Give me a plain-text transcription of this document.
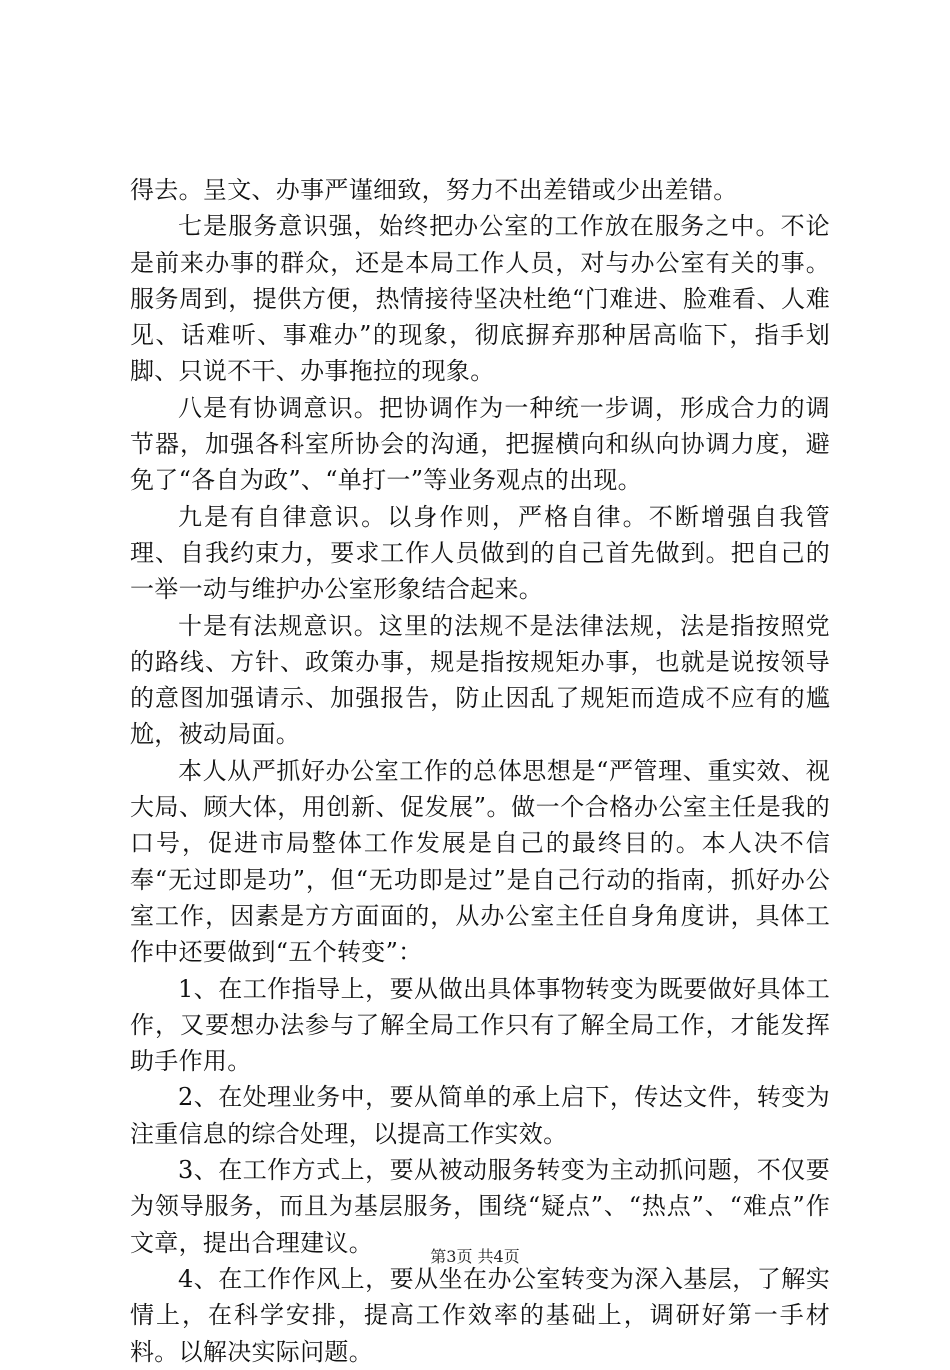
得去。呈文、办事严谨细致，努力不出差错或少出差错。

七是服务意识强，始终把办公室的工作放在服务之中。不论是前来办事的群众，还是本局工作人员，对与办公室有关的事。服务周到，提供方便，热情接待坚决杜绝“门难进、脸难看、人难见、话难听、事难办”的现象，彻底摒弃那种居高临下，指手划脚、只说不干、办事拖拉的现象。

八是有协调意识。把协调作为一种统一步调，形成合力的调节器，加强各科室所协会的沟通，把握横向和纵向协调力度，避免了“各自为政”、“单打一”等业务观点的出现。

九是有自律意识。以身作则，严格自律。不断增强自我管理、自我约束力，要求工作人员做到的自己首先做到。把自己的一举一动与维护办公室形象结合起来。

十是有法规意识。这里的法规不是法律法规，法是指按照党的路线、方针、政策办事，规是指按规矩办事，也就是说按领导的意图加强请示、加强报告，防止因乱了规矩而造成不应有的尴尬，被动局面。

本人从严抓好办公室工作的总体思想是“严管理、重实效、视大局、顾大体，用创新、促发展”。做一个合格办公室主任是我的口号，促进市局整体工作发展是自己的最终目的。本人决不信奉“无过即是功”，但“无功即是过”是自己行动的指南，抓好办公室工作，因素是方方面面的，从办公室主任自身角度讲，具体工作中还要做到“五个转变”：

1、在工作指导上，要从做出具体事物转变为既要做好具体工作，又要想办法参与了解全局工作只有了解全局工作，才能发挥助手作用。

2、在处理业务中，要从简单的承上启下，传达文件，转变为注重信息的综合处理，以提高工作实效。

3、在工作方式上，要从被动服务转变为主动抓问题，不仅要为领导服务，而且为基层服务，围绕“疑点”、“热点”、“难点”作文章，提出合理建议。

4、在工作作风上，要从坐在办公室转变为深入基层，了解实情上，在科学安排，提高工作效率的基础上，调研好第一手材料。以解决实际问题。

第3页 共4页
